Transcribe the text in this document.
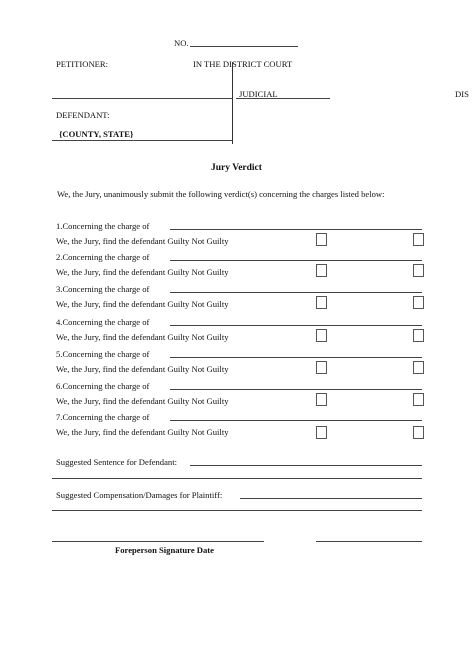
NO.
PETITIONER:	IN THE DISTRICT COURT
JUDICIAL	DIS
DEFENDANT:
{COUNTY, STATE}
Jury Verdict
We, the Jury, unanimously submit the following verdict(s) concerning the charges listed below:
1.Concerning the charge of
We, the Jury, find the defendant Guilty Not Guilty
2.Concerning the charge of
We, the Jury, find the defendant Guilty Not Guilty
3.Concerning the charge of
We, the Jury, find the defendant Guilty Not Guilty
4.Concerning the charge of
We, the Jury, find the defendant Guilty Not Guilty
5.Concerning the charge of
We, the Jury, find the defendant Guilty Not Guilty
6.Concerning the charge of
We, the Jury, find the defendant Guilty Not Guilty
7.Concerning the charge of
We, the Jury, find the defendant Guilty Not Guilty
Suggested Sentence for Defendant:
Suggested Compensation/Damages for Plaintiff:
Foreperson Signature Date
